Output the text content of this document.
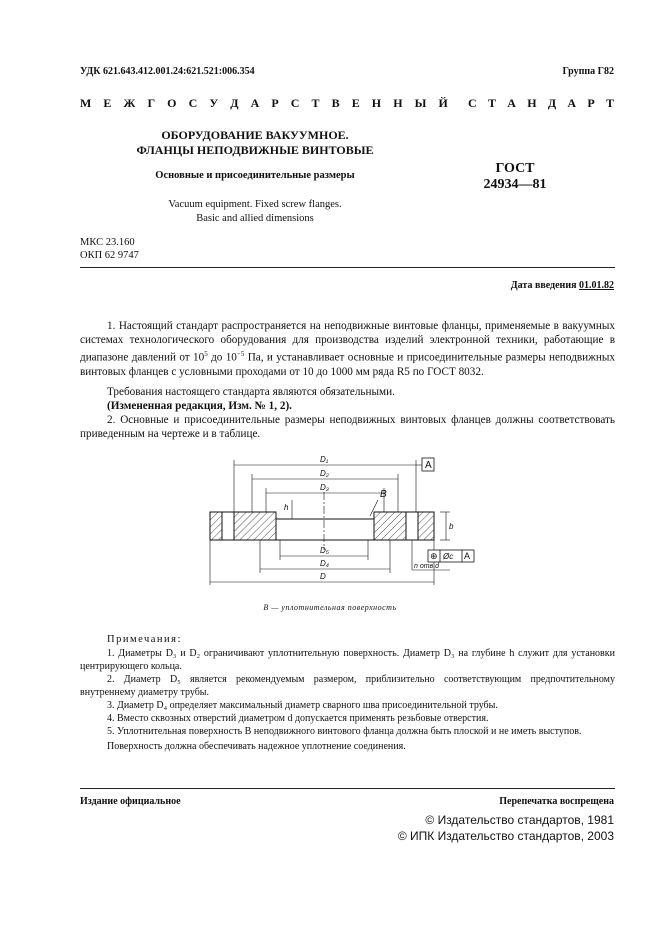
УДК 621.643.412.001.24:621.521:006.354	Группа Г82
М Е Ж Г О С У Д А Р С Т В Е Н Н Ы Й С Т А Н Д А Р Т
ОБОРУДОВАНИЕ ВАКУУМНОЕ.
ФЛАНЦЫ НЕПОДВИЖНЫЕ ВИНТОВЫЕ
Основные и присоединительные размеры	ГОСТ
24934—81
Vacuum equipment. Fixed screw flanges.
Basic and allied dimensions
МКС 23.160
ОКП 62 9747
Дата введения 01.01.82
1. Настоящий стандарт распространяется на неподвижные винтовые фланцы, применяемые в вакуумных системах технологического оборудования для производства изделий электронной техники, работающие в диапазоне давлений от $10^5$ до $10^{-5}$ Па, и устанавливает основные и присоединительные размеры неподвижных винтовых фланцев с условными проходами от 10 до 1000 мм ряда R5 по ГОСТ 8032.
Требования настоящего стандарта являются обязательными.
(Измененная редакция, Изм. № 1, 2).
2. Основные и присоединительные размеры неподвижных винтовых фланцев должны соответствовать приведенным на чертеже и в таблице.
D₁
D₂
D₃
D₅
D₄
D
B
h
b
A
n отв.d
⊕ Øc A
В — уплотнительная поверхность
Примечания:
1. Диаметры D₃ и D₂ ограничивают уплотнительную поверхность. Диаметр D₃ на глубине h служит для установки центрирующего кольца.
2. Диаметр D₅ является рекомендуемым размером, приблизительно соответствующим предпочтительному внутреннему диаметру трубы.
3. Диаметр D₄ определяет максимальный диаметр сварного шва присоединительной трубы.
4. Вместо сквозных отверстий диаметром d допускается применять резьбовые отверстия.
5. Уплотнительная поверхность В неподвижного винтового фланца должна быть плоской и не иметь выступов.
Поверхность должна обеспечивать надежное уплотнение соединения.
Издание официальное	Перепечатка воспрещена
© Издательство стандартов, 1981
© ИПК Издательство стандартов, 2003
